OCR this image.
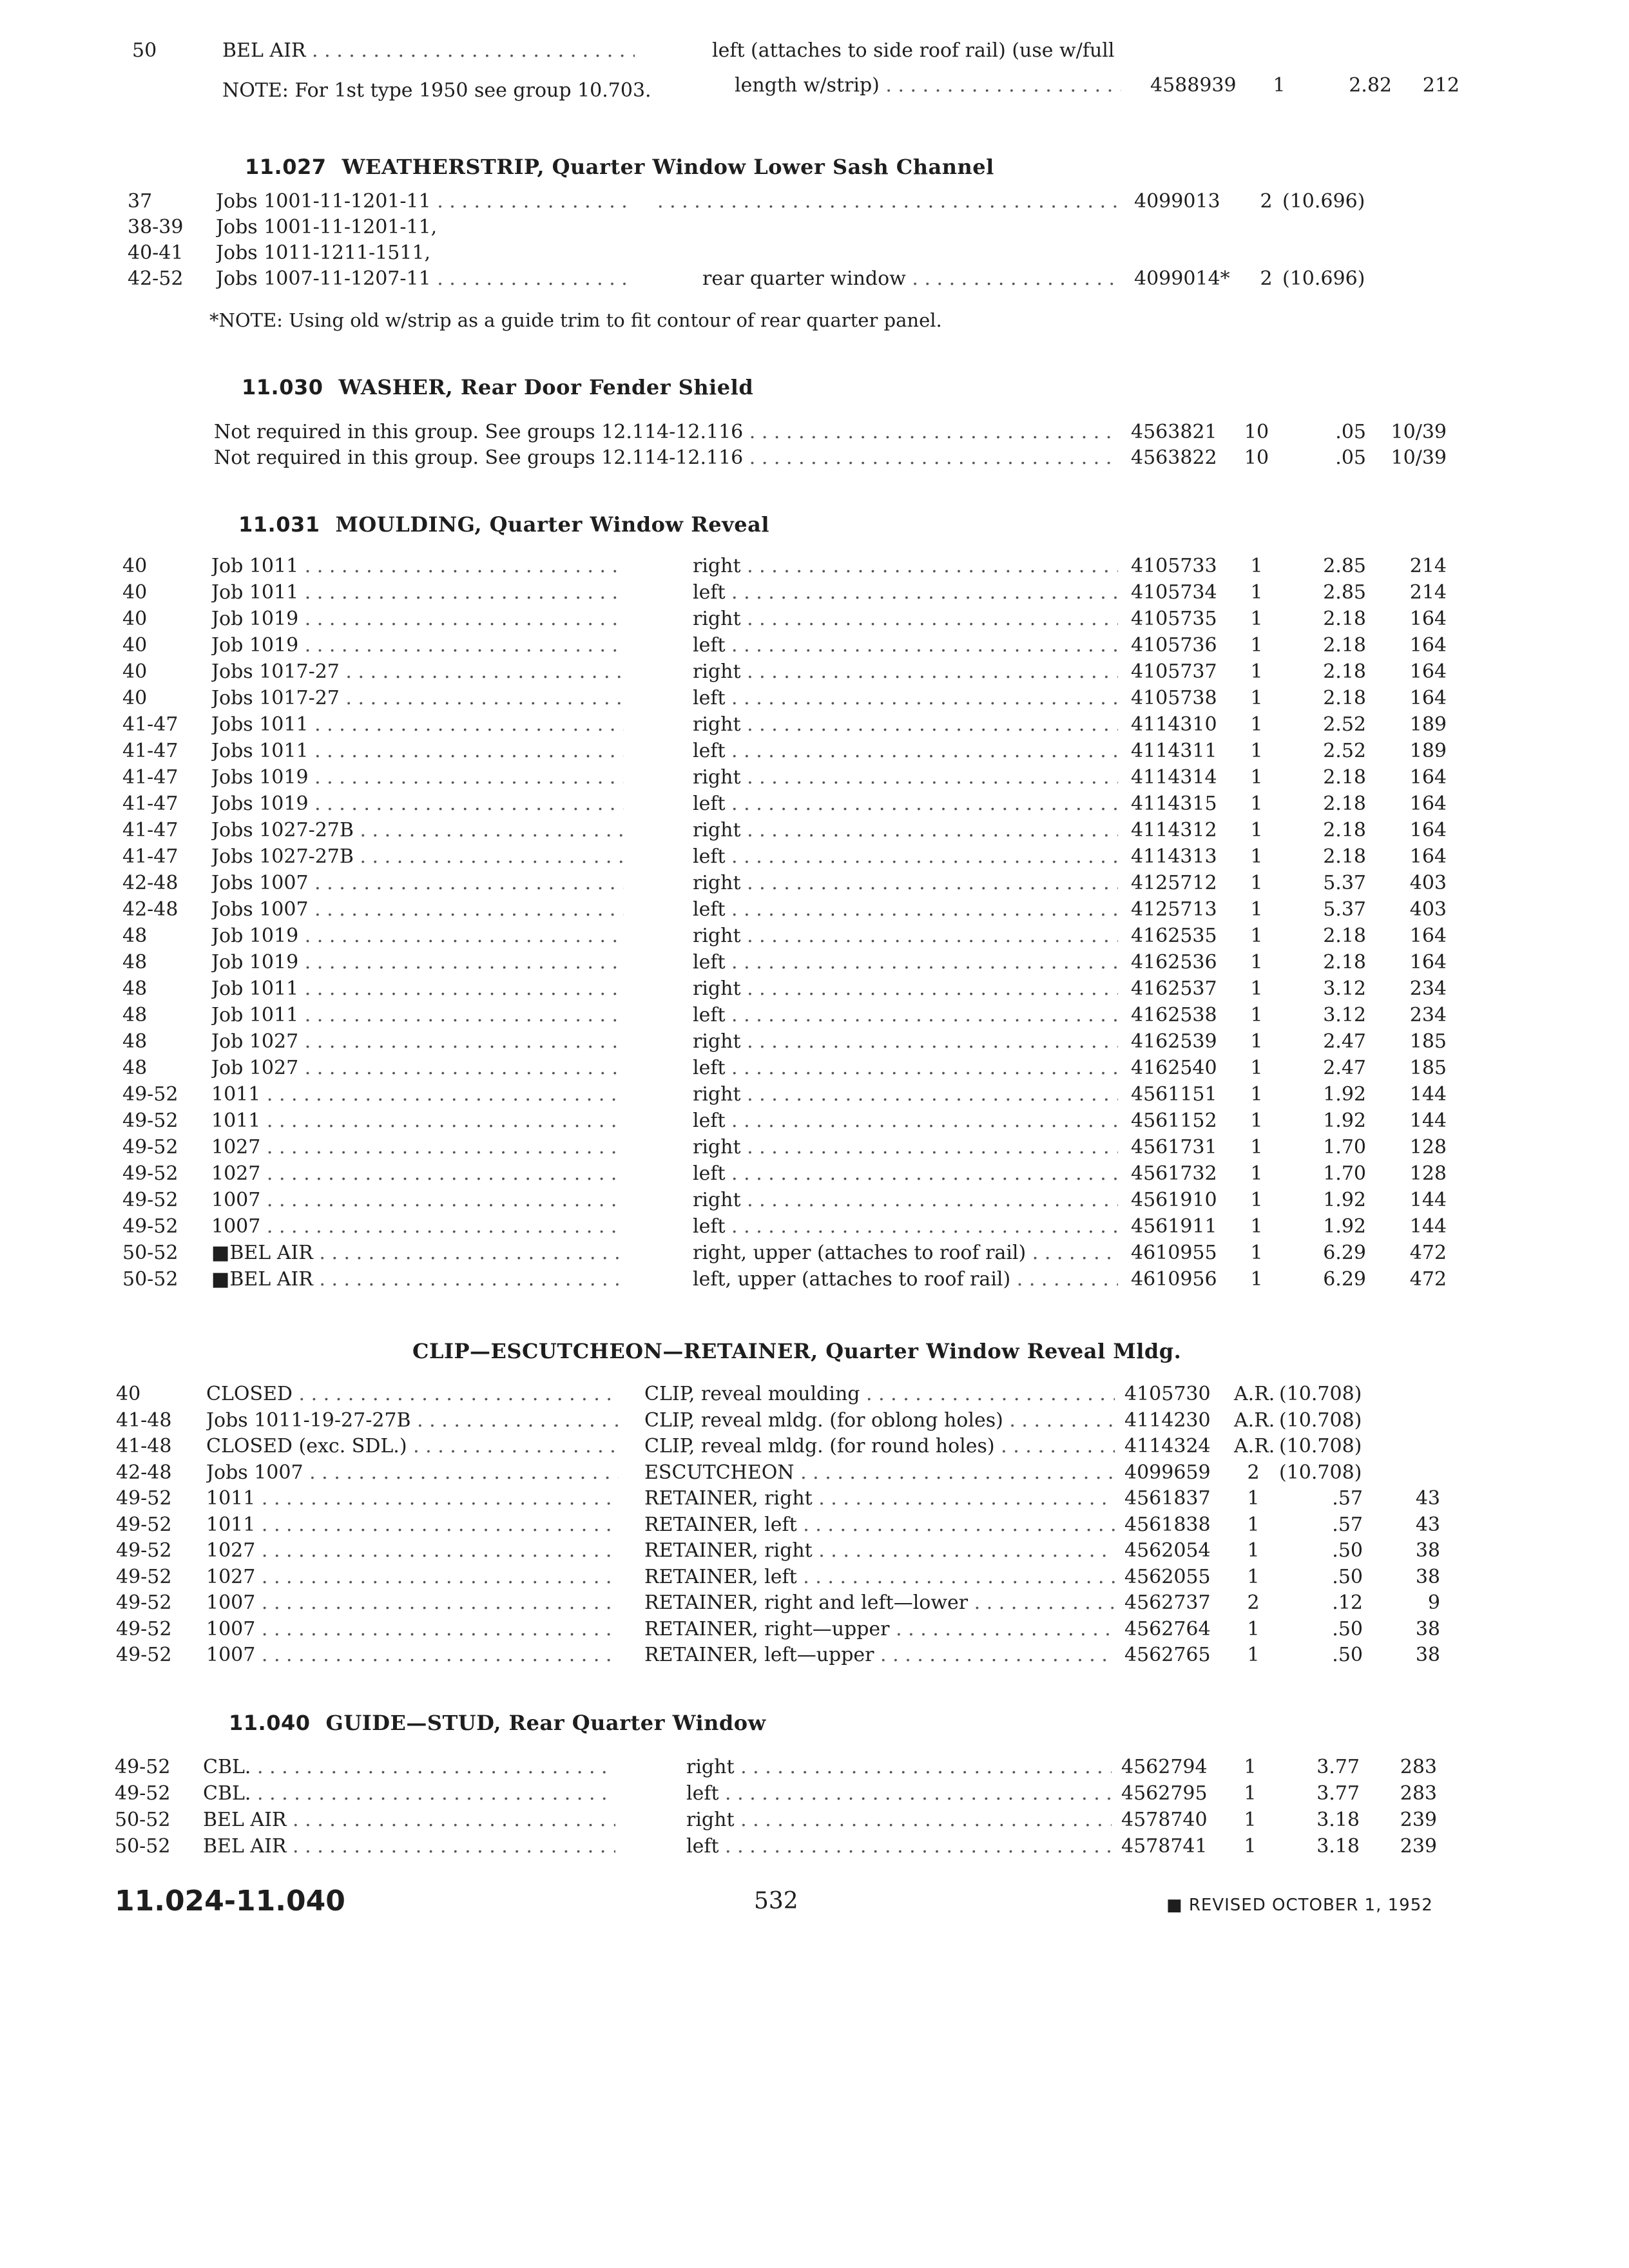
50	BEL AIR . . .	left (attaches to side roof rail) (use w/full
NOTE: For 1st type 1950 see group 10.703.	length w/strip) . . .	4588939	1	2.82	212
11.027 WEATHERSTRIP, Quarter Window Lower Sash Channel
37	Jobs 1001-11-1201-11 . . .
. . .	4099013	2 (10.696)
38-39	Jobs 1001-11-1201-11,
40-41	Jobs 1011-1211-1511,
42-52	Jobs 1007-11-1207-11 . . .	rear quarter window . . .	4099014*	2 (10.696)
*NOTE: Using old w/strip as a guide trim to fit contour of rear quarter panel.
11.030 WASHER, Rear Door Fender Shield
Not required in this group. See groups 12.114-12.116 . . .	4563821	10	.05 10/39
Not required in this group. See groups 12.114-12.116 . . .	4563822	10	.05 10/39
11.031 MOULDING, Quarter Window Reveal
40	Job 1011 . . .	right . . .	4105733	1	2.85	214
40	Job 1011 . . .	left . . .	4105734	1	2.85	214
40	Job 1019 . . .	right . . .	4105735	1	2.18	164
40	Job 1019 . . .	left . . .	4105736	1	2.18	164
40	Jobs 1017-27 . . .	right . . .	4105737	1	2.18	164
40	Jobs 1017-27 . . .	left . . .	4105738	1	2.18	164
41-47	Jobs 1011 . . .	right . . .	4114310	1	2.52	189
41-47	Jobs 1011 . . .	left . . .	4114311	1	2.52	189
41-47	Jobs 1019 . . .	right . . .	4114314	1	2.18	164
41-47	Jobs 1019 . . .	left . . .	4114315	1	2.18	164
41-47	Jobs 1027-27B . . .	right . . .	4114312	1	2.18	164
41-47	Jobs 1027-27B . . .	left . . .	4114313	1	2.18	164
42-48	Jobs 1007 . . .	right . . .	4125712	1	5.37	403
42-48	Jobs 1007 . . .	left . . .	4125713	1	5.37	403
48	Job 1019 . . .	right . . .	4162535	1	2.18	164
48	Job 1019 . . .	left . . .	4162536	1	2.18	164
48	Job 1011 . . .	right . . .	4162537	1	3.12	234
48	Job 1011 . . .	left . . .	4162538	1	3.12	234
48	Job 1027 . . .	right . . .	4162539	1	2.47	185
48	Job 1027 . . .	left . . .	4162540	1	2.47	185
49-52	1011 . . .	right . . .	4561151	1	1.92	144
49-52	1011 . . .	left . . .	4561152	1	1.92	144
49-52	1027 . . .	right . . .	4561731	1	1.70	128
49-52	1027 . . .	left . . .	4561732	1	1.70	128
49-52	1007 . . .	right . . .	4561910	1	1.92	144
49-52	1007 . . .	left . . .	4561911	1	1.92	144
50-52	■BEL AIR . . .	right, upper (attaches to roof rail) . . .	4610955	1	6.29	472
50-52	■BEL AIR . . .	left, upper (attaches to roof rail) . . .	4610956	1	6.29	472
CLIP—ESCUTCHEON—RETAINER, Quarter Window Reveal Mldg.
40	CLOSED . . .	CLIP, reveal moulding . . .	4105730	A.R. (10.708)
41-48	Jobs 1011-19-27-27B . . .	CLIP, reveal mldg. (for oblong holes) . . .	4114230	A.R. (10.708)
41-48	CLOSED (exc. SDL.) . . .	CLIP, reveal mldg. (for round holes) . . .	4114324	A.R. (10.708)
42-48	Jobs 1007 . . .	ESCUTCHEON . . .	4099659	2	(10.708)
49-52	1011 . . .	RETAINER, right . . .	4561837	1	.57	43
49-52	1011 . . .	RETAINER, left . . .	4561838	1	.57	43
49-52	1027 . . .	RETAINER, right . . .	4562054	1	.50	38
49-52	1027 . . .	RETAINER, left . . .	4562055	1	.50	38
49-52	1007 . . .	RETAINER, right and left—lower . . .	4562737	2	.12	9
49-52	1007 . . .	RETAINER, right—upper . . .	4562764	1	.50	38
49-52	1007 . . .	RETAINER, left—upper . . .	4562765	1	.50	38
11.040 GUIDE—STUD, Rear Quarter Window
49-52	CBL. . . .	right . . .	4562794	1	3.77	283
49-52	CBL. . . .	left . . .	4562795	1	3.77	283
50-52	BEL AIR . . .	right . . .	4578740	1	3.18	239
50-52	BEL AIR . . .	left . . .	4578741	1	3.18	239
11.024-11.040	532	■ REVISED OCTOBER 1, 1952
